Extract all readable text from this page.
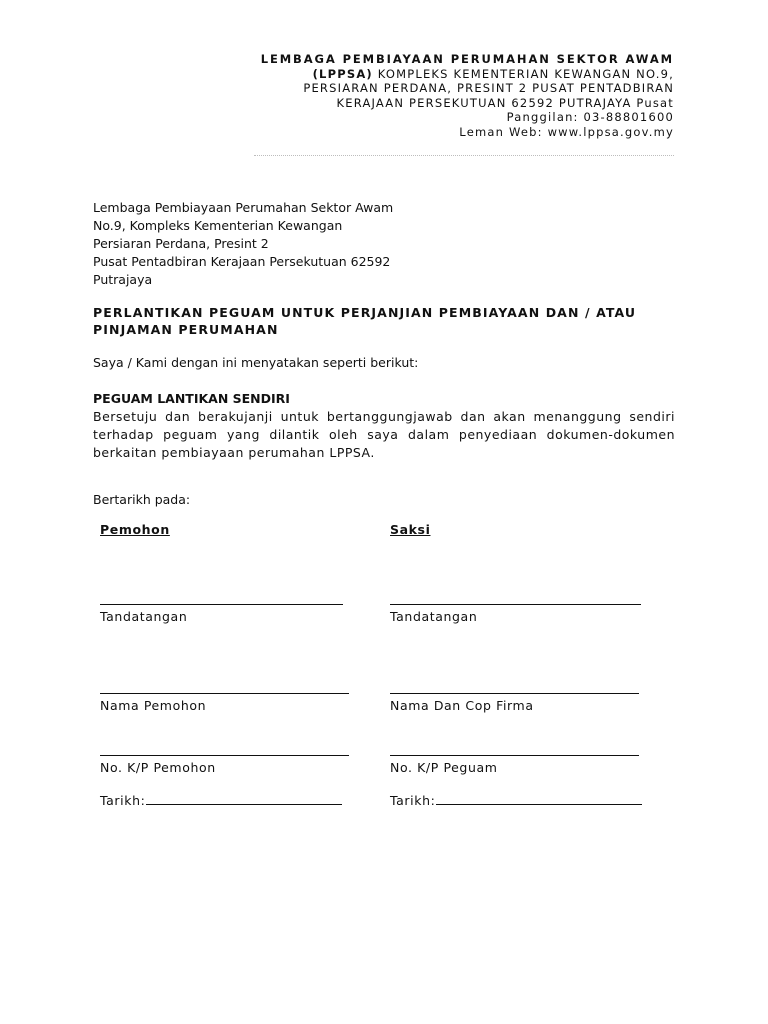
LEMBAGA PEMBIAYAAN PERUMAHAN SEKTOR AWAM
(LPPSA) KOMPLEKS KEMENTERIAN KEWANGAN NO.9,
PERSIARAN PERDANA, PRESINT 2 PUSAT PENTADBIRAN
KERAJAAN PERSEKUTUAN 62592 PUTRAJAYA Pusat
Panggilan: 03-88801600
Leman Web: www.lppsa.gov.my
Lembaga Pembiayaan Perumahan Sektor Awam
No.9, Kompleks Kementerian Kewangan
Persiaran Perdana, Presint 2
Pusat Pentadbiran Kerajaan Persekutuan 62592
Putrajaya
PERLANTIKAN PEGUAM UNTUK PERJANJIAN PEMBIAYAAN DAN / ATAU PINJAMAN PERUMAHAN
Saya / Kami dengan ini menyatakan seperti berikut:
PEGUAM LANTIKAN SENDIRI
Bersetuju dan berakujanji untuk bertanggungjawab dan akan menanggung sendiri terhadap peguam yang dilantik oleh saya dalam penyediaan dokumen-dokumen berkaitan pembiayaan perumahan LPPSA.
Bertarikh pada:
Pemohon
Tandatangan
Nama Pemohon
No. K/P Pemohon
Tarikh:
Saksi
Tandatangan
Nama Dan Cop Firma
No. K/P Peguam
Tarikh:
